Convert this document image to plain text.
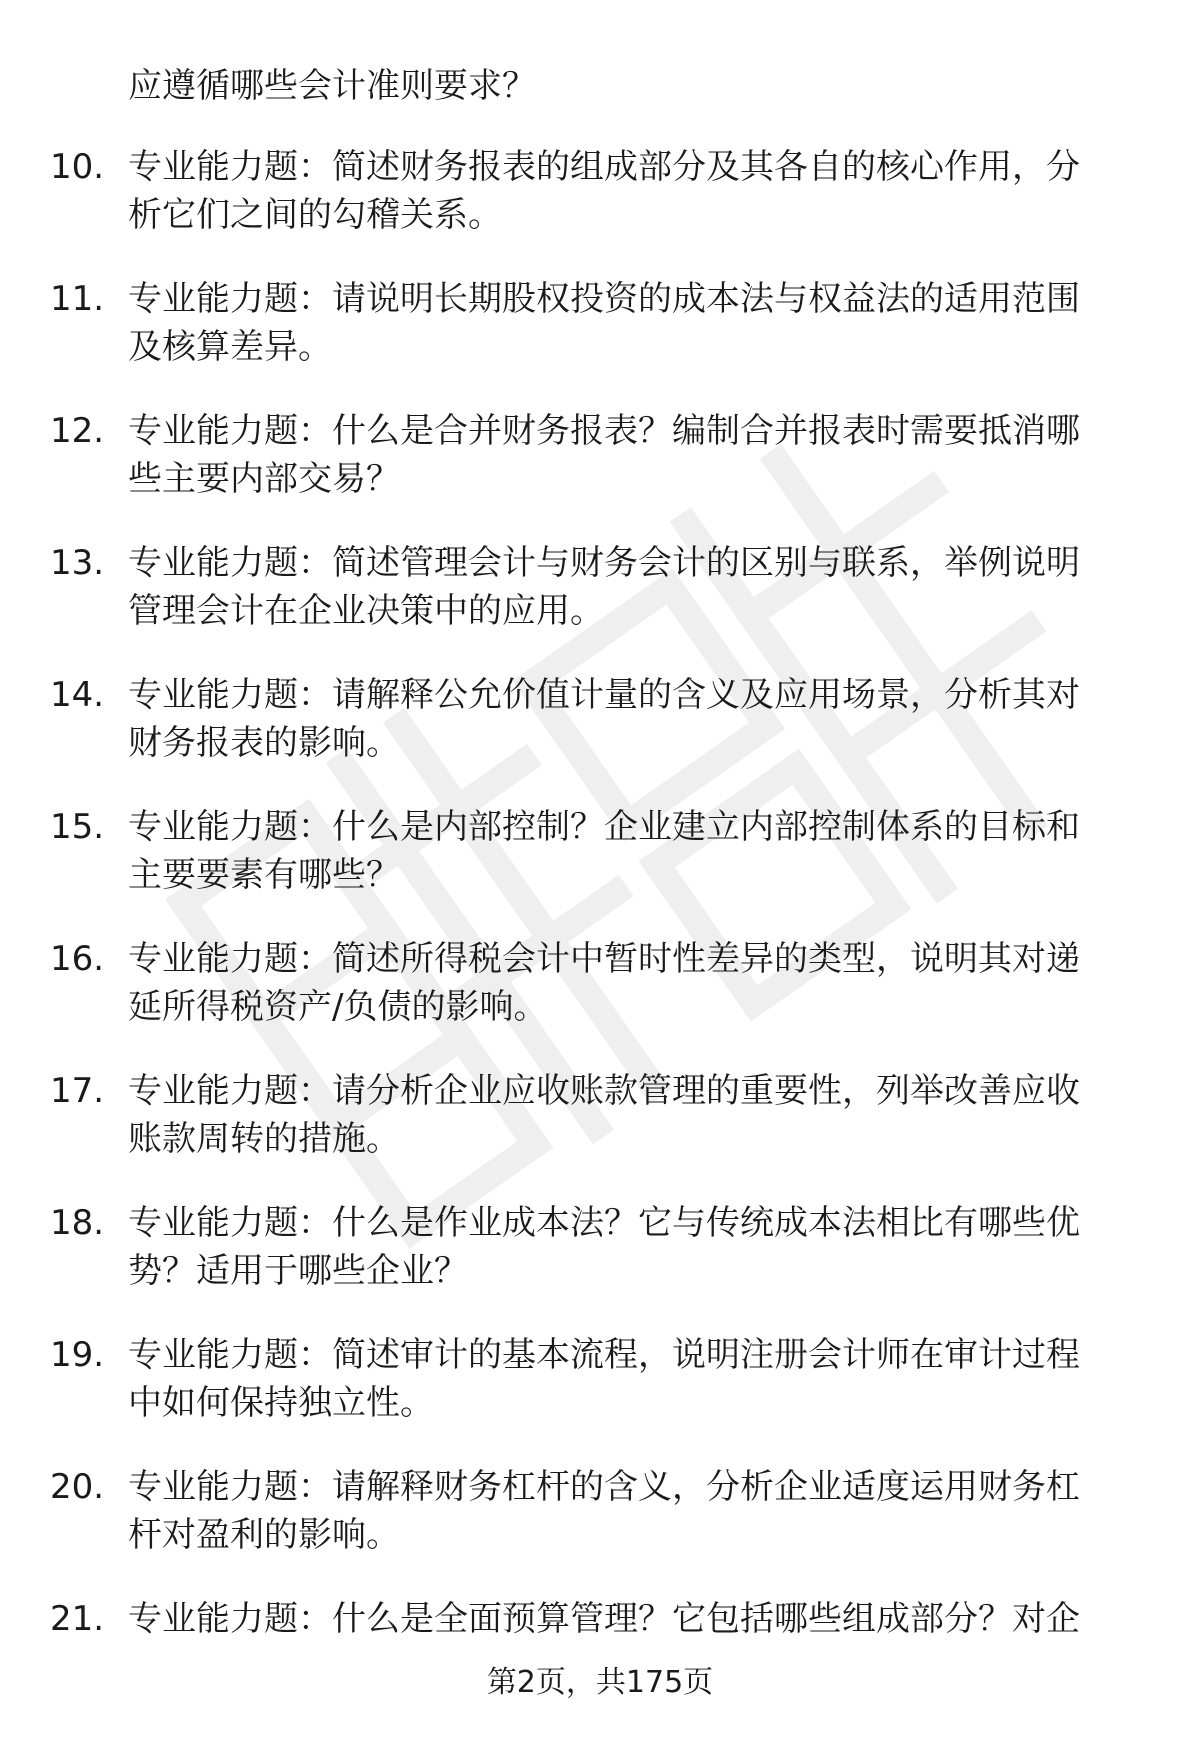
应遵循哪些会计准则要求？
10. 专业能力题：简述财务报表的组成部分及其各自的核心作用，分
析它们之间的勾稽关系。
11. 专业能力题：请说明长期股权投资的成本法与权益法的适用范围
及核算差异。
12. 专业能力题：什么是合并财务报表？编制合并报表时需要抵消哪
些主要内部交易？
13. 专业能力题：简述管理会计与财务会计的区别与联系，举例说明
管理会计在企业决策中的应用。
14. 专业能力题：请解释公允价值计量的含义及应用场景，分析其对
财务报表的影响。
15. 专业能力题：什么是内部控制？企业建立内部控制体系的目标和
主要要素有哪些？
16. 专业能力题：简述所得税会计中暂时性差异的类型，说明其对递
延所得税资产/负债的影响。
17. 专业能力题：请分析企业应收账款管理的重要性，列举改善应收
账款周转的措施。
18. 专业能力题：什么是作业成本法？它与传统成本法相比有哪些优
势？适用于哪些企业？
19. 专业能力题：简述审计的基本流程，说明注册会计师在审计过程
中如何保持独立性。
20. 专业能力题：请解释财务杠杆的含义，分析企业适度运用财务杠
杆对盈利的影响。
21. 专业能力题：什么是全面预算管理？它包括哪些组成部分？对企
第2页，共175页
